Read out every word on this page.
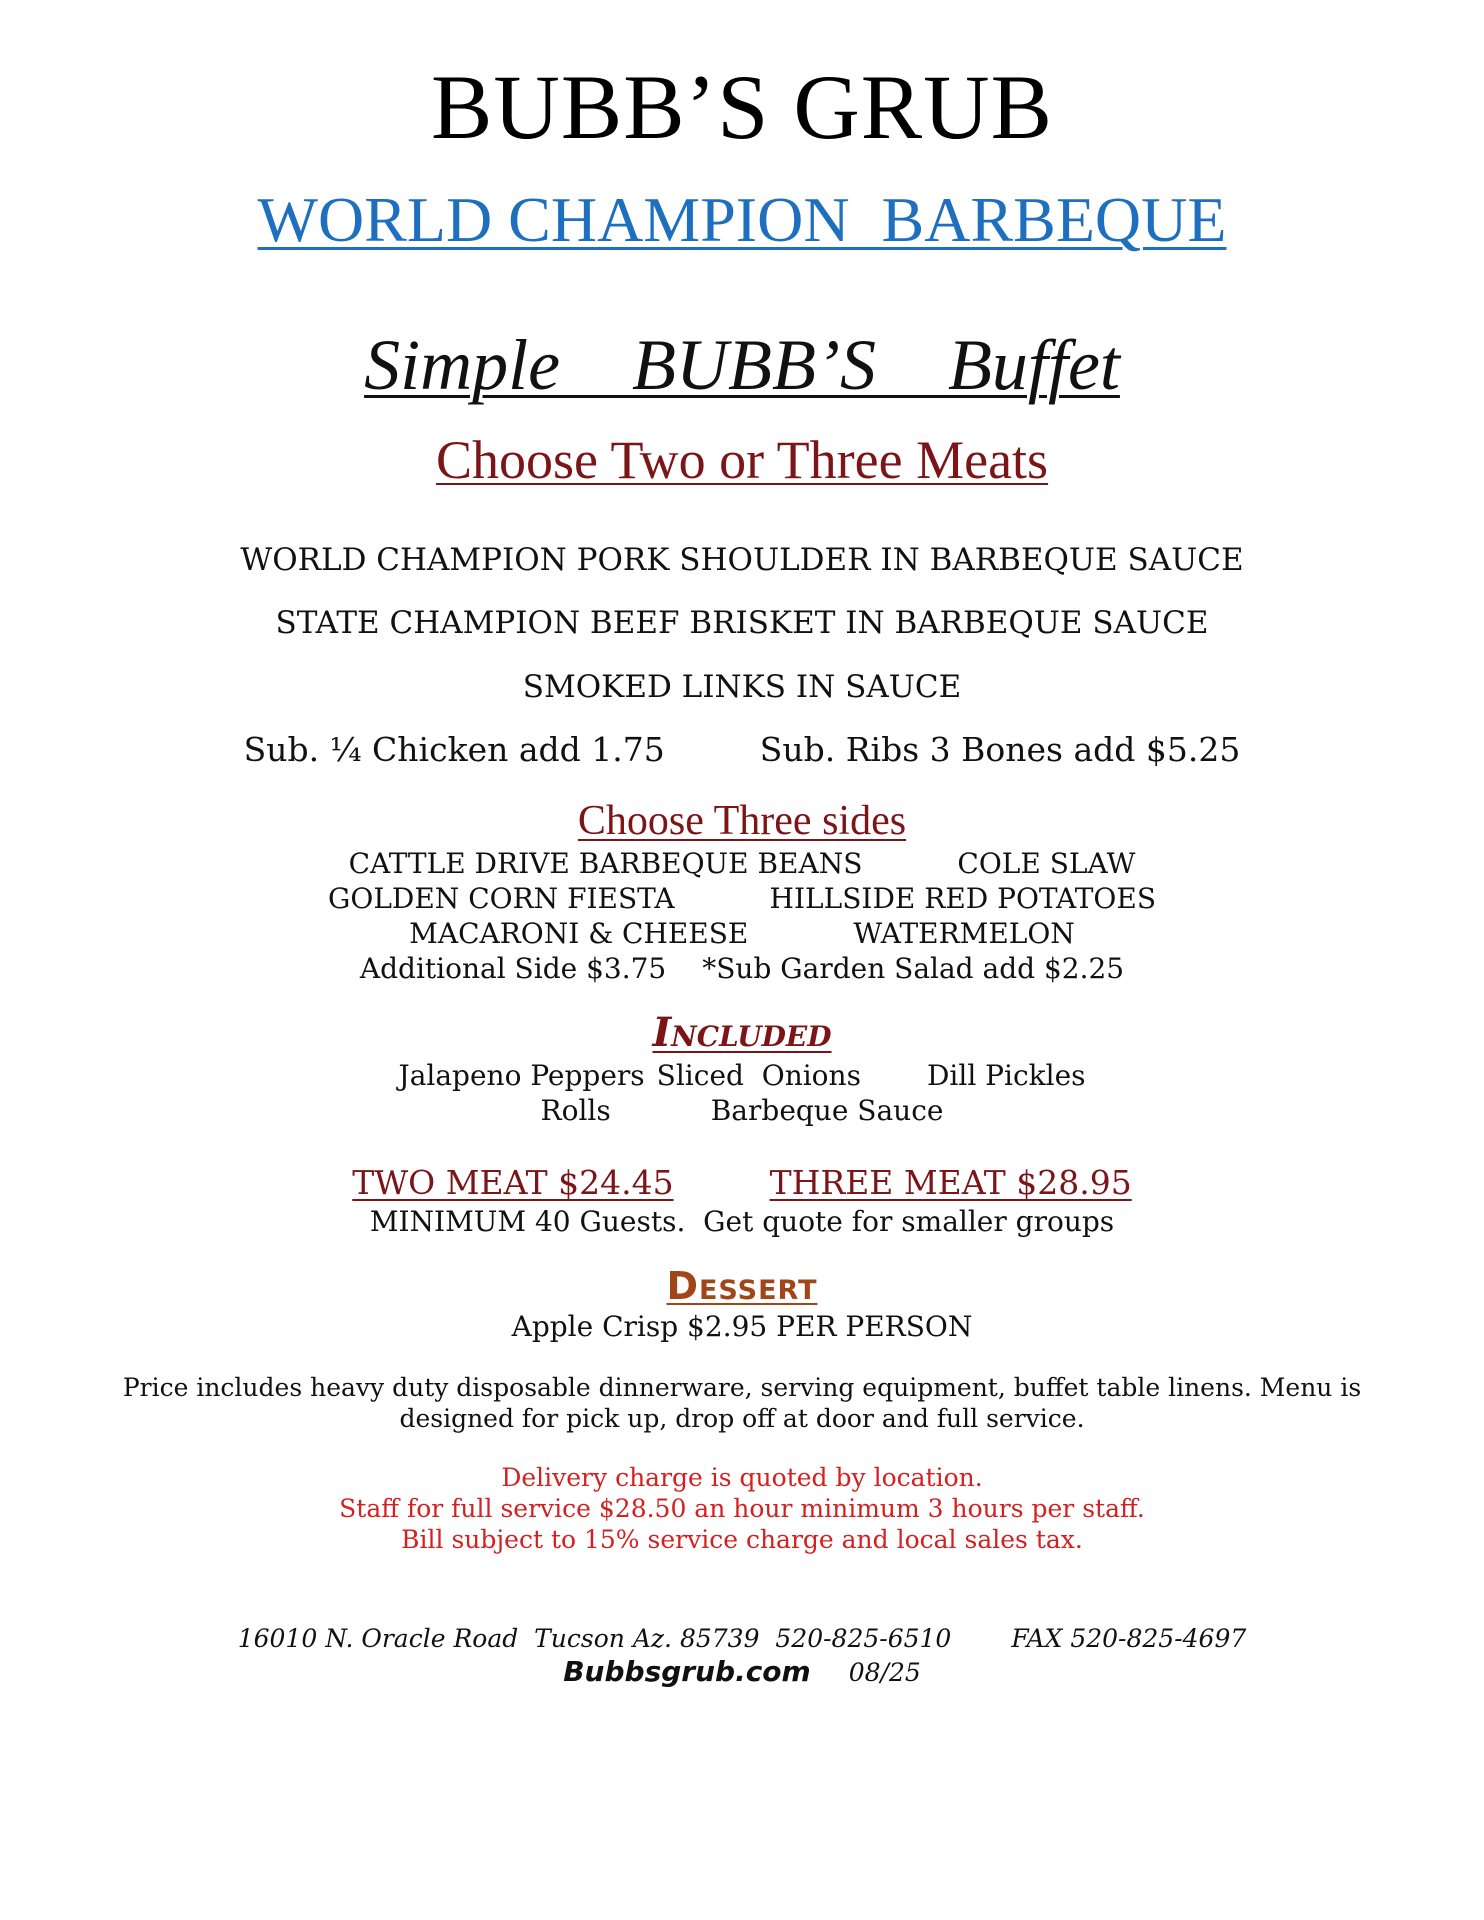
BUBB’S GRUB
WORLD CHAMPION  BARBEQUE
Simple  BUBB’S  Buffet
Choose Two or Three Meats
WORLD CHAMPION PORK SHOULDER IN BARBEQUE SAUCE
STATE CHAMPION BEEF BRISKET IN BARBEQUE SAUCE
SMOKED LINKS IN SAUCE
Sub. ¼ Chicken add 1.75	Sub. Ribs 3 Bones add $5.25
Choose Three sides
CATTLE DRIVE BARBEQUE BEANS	COLE SLAW
GOLDEN CORN FIESTA	HILLSIDE RED POTATOES
MACARONI & CHEESE	WATERMELON
Additional Side $3.75 *Sub Garden Salad add $2.25
Included
Jalapeno Peppers Sliced  Onions Dill Pickles
Rolls	Barbeque Sauce
TWO MEAT $24.45	THREE MEAT $28.95
MINIMUM 40 Guests.  Get quote for smaller groups
Dessert
Apple Crisp $2.95 PER PERSON
Price includes heavy duty disposable dinnerware, serving equipment, buffet table linens. Menu is designed for pick up, drop off at door and full service.
Delivery charge is quoted by location.
Staff for full service $28.50 an hour minimum 3 hours per staff.
Bill subject to 15% service charge and local sales tax.
16010 N. Oracle Road  Tucson Az. 85739  520-825-6510 FAX 520-825-4697
Bubbsgrub.com 08/25
